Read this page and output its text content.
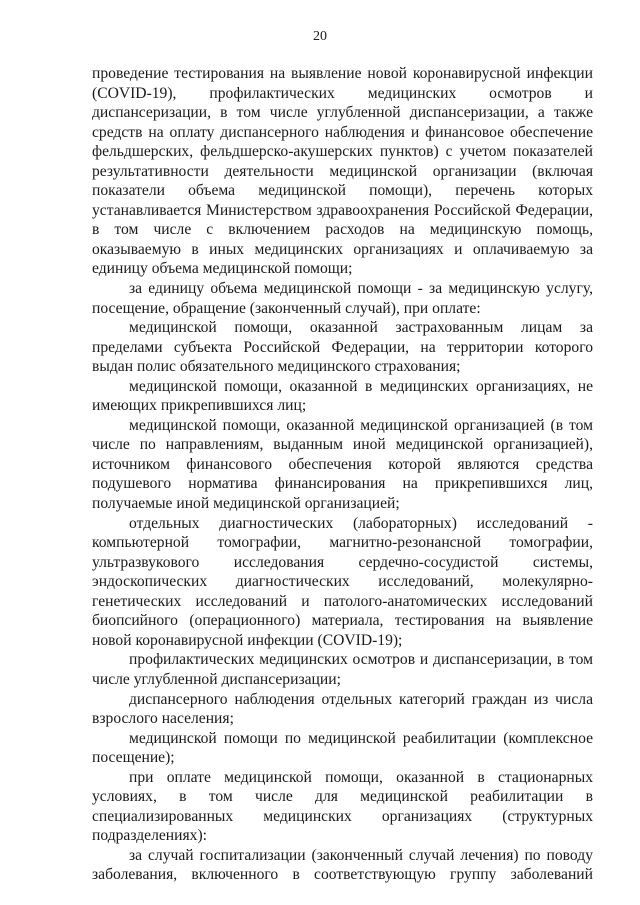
20

проведение тестирования на выявление новой коронавирусной инфекции (COVID-19), профилактических медицинских осмотров и диспансеризации, в том числе углубленной диспансеризации, а также средств на оплату диспансерного наблюдения и финансовое обеспечение фельдшерских, фельдшерско-акушерских пунктов) с учетом показателей результативности деятельности медицинской организации (включая показатели объема медицинской помощи), перечень которых устанавливается Министерством здравоохранения Российской Федерации, в том числе с включением расходов на медицинскую помощь, оказываемую в иных медицинских организациях и оплачиваемую за единицу объема медицинской помощи;

за единицу объема медицинской помощи - за медицинскую услугу, посещение, обращение (законченный случай), при оплате:

медицинской помощи, оказанной застрахованным лицам за пределами субъекта Российской Федерации, на территории которого выдан полис обязательного медицинского страхования;

медицинской помощи, оказанной в медицинских организациях, не имеющих прикрепившихся лиц;

медицинской помощи, оказанной медицинской организацией (в том числе по направлениям, выданным иной медицинской организацией), источником финансового обеспечения которой являются средства подушевого норматива финансирования на прикрепившихся лиц, получаемые иной медицинской организацией;

отдельных диагностических (лабораторных) исследований - компьютерной томографии, магнитно-резонансной томографии, ультразвукового исследования сердечно-сосудистой системы, эндоскопических диагностических исследований, молекулярно-генетических исследований и патолого-анатомических исследований биопсийного (операционного) материала, тестирования на выявление новой коронавирусной инфекции (COVID-19);

профилактических медицинских осмотров и диспансеризации, в том числе углубленной диспансеризации;

диспансерного наблюдения отдельных категорий граждан из числа взрослого населения;

медицинской помощи по медицинской реабилитации (комплексное посещение);

при оплате медицинской помощи, оказанной в стационарных условиях, в том числе для медицинской реабилитации в специализированных медицинских организациях (структурных подразделениях):

за случай госпитализации (законченный случай лечения) по поводу заболевания, включенного в соответствующую группу заболеваний
